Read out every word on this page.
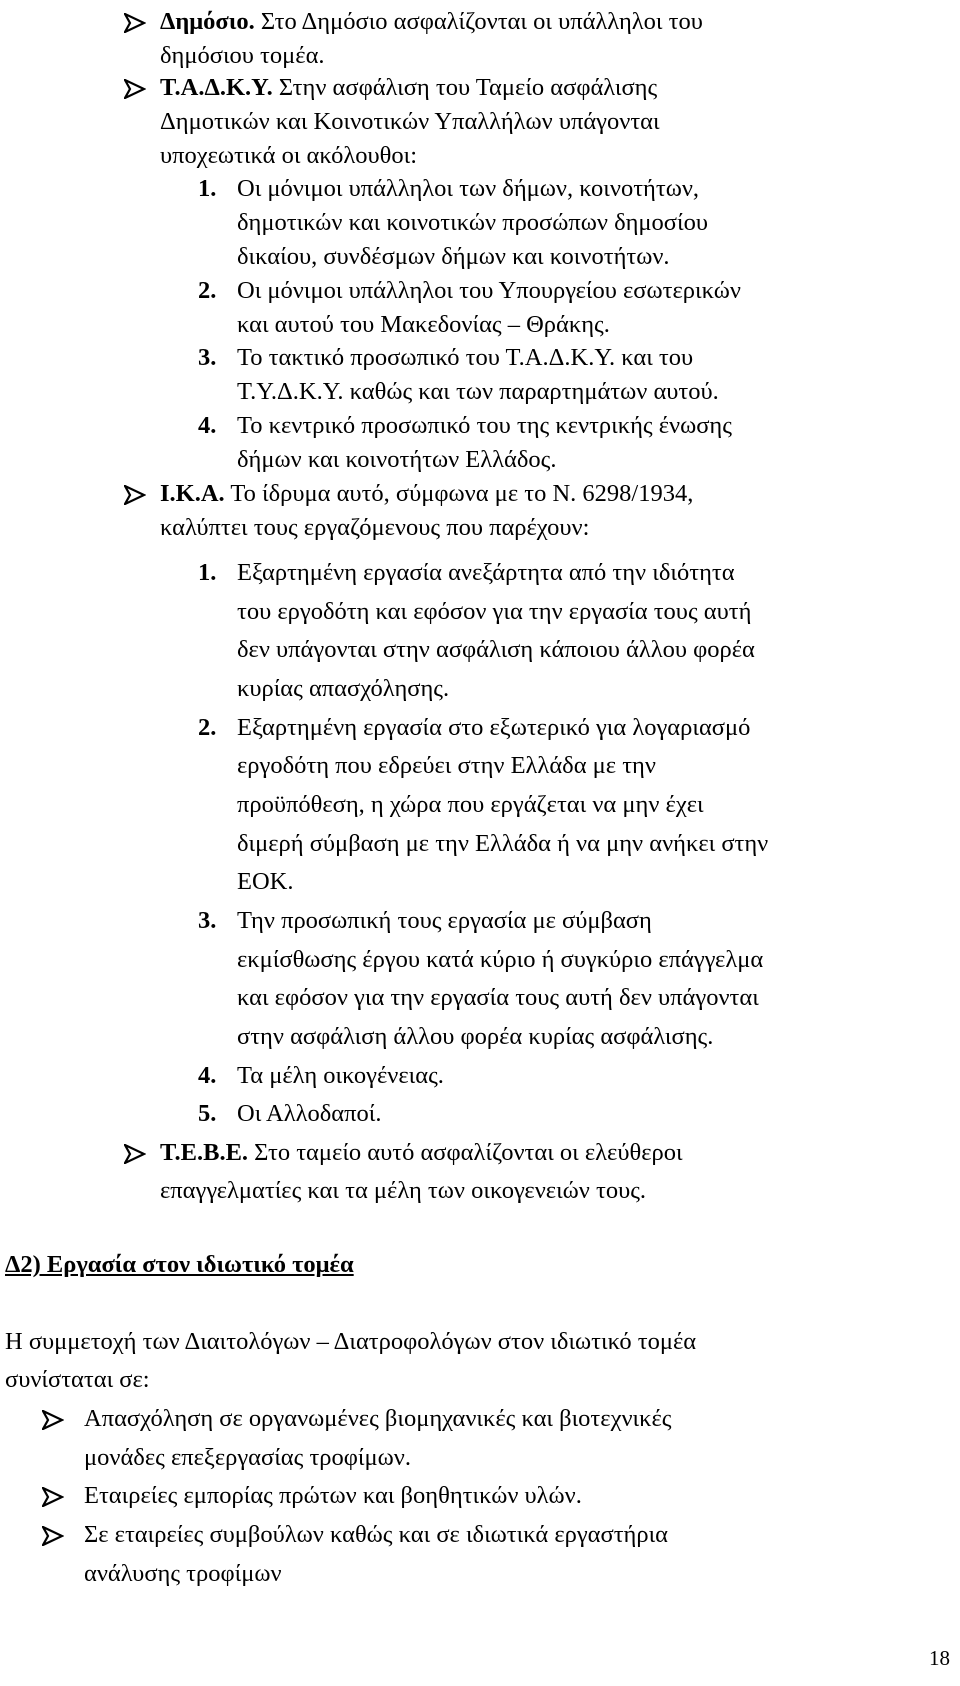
Δημόσιο. Στο Δημόσιο ασφαλίζονται οι υπάλληλοι του
δημόσιου τομέα.
Τ.Α.Δ.Κ.Υ. Στην ασφάλιση του Ταμείο ασφάλισης
Δημοτικών και Κοινοτικών Υπαλλήλων υπάγονται
υποχεωτικά οι ακόλουθοι:
1. Οι μόνιμοι υπάλληλοι των δήμων, κοινοτήτων,
δημοτικών και κοινοτικών προσώπων δημοσίου
δικαίου, συνδέσμων δήμων και κοινοτήτων.
2. Οι μόνιμοι υπάλληλοι του Υπουργείου εσωτερικών
και αυτού του Μακεδονίας – Θράκης.
3. Το τακτικό προσωπικό του Τ.Α.Δ.Κ.Υ. και του
Τ.Υ.Δ.Κ.Υ. καθώς και των παραρτημάτων αυτού.
4. Το κεντρικό προσωπικό του της κεντρικής ένωσης
δήμων και κοινοτήτων Ελλάδος.
Ι.Κ.Α. Το ίδρυμα αυτό, σύμφωνα με το Ν. 6298/1934,
καλύπτει τους εργαζόμενους που παρέχουν:
1. Εξαρτημένη εργασία ανεξάρτητα από την ιδιότητα
του εργοδότη και εφόσον για την εργασία τους αυτή
δεν υπάγονται στην ασφάλιση κάποιου άλλου φορέα
κυρίας απασχόλησης.
2. Εξαρτημένη εργασία στο εξωτερικό για λογαριασμό
εργοδότη που εδρεύει στην Ελλάδα με την
προϋπόθεση, η χώρα που εργάζεται να μην έχει
διμερή σύμβαση με την Ελλάδα ή να μην ανήκει στην
ΕΟΚ.
3. Την προσωπική τους εργασία με σύμβαση
εκμίσθωσης έργου κατά κύριο ή συγκύριο επάγγελμα
και εφόσον για την εργασία τους αυτή δεν υπάγονται
στην ασφάλιση άλλου φορέα κυρίας ασφάλισης.
4. Τα μέλη οικογένειας.
5. Οι Αλλοδαποί.
Τ.Ε.Β.Ε. Στο ταμείο αυτό ασφαλίζονται οι ελεύθεροι
επαγγελματίες και τα μέλη των οικογενειών τους.
Δ2) Εργασία στον ιδιωτικό τομέα
Η συμμετοχή των Διαιτολόγων – Διατροφολόγων στον ιδιωτικό τομέα
συνίσταται σε:
Απασχόληση σε οργανωμένες βιομηχανικές και βιοτεχνικές
μονάδες επεξεργασίας τροφίμων.
Εταιρείες εμπορίας πρώτων και βοηθητικών υλών.
Σε εταιρείες συμβούλων καθώς και σε ιδιωτικά εργαστήρια
ανάλυσης τροφίμων
18
